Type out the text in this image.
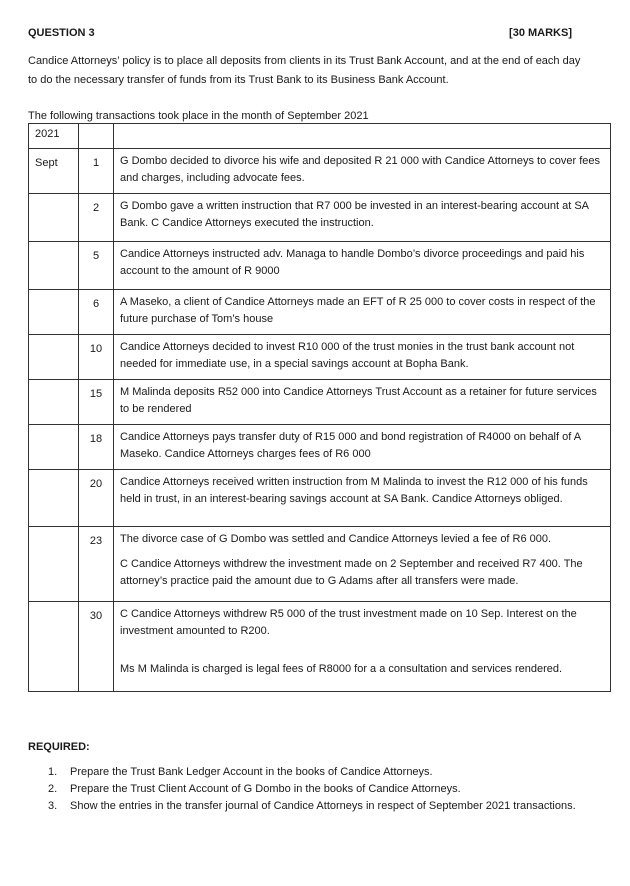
QUESTION 3	[30 MARKS]
Candice Attorneys’ policy is to place all deposits from clients in its Trust Bank Account, and at the end of each day to do the necessary transfer of funds from its Trust Bank to its Business Bank Account.
The following transactions took place in the month of September 2021
2021		
Sept	1	G Dombo decided to divorce his wife and deposited R 21 000 with Candice Attorneys to cover fees and charges, including advocate fees.

	2	G Dombo gave a written instruction that R7 000 be invested in an interest-bearing account at SA Bank. C Candice Attorneys executed the instruction.

	5	Candice Attorneys instructed adv. Managa to handle Dombo’s divorce proceedings and paid his account to the amount of R 9000

	6	A Maseko, a client of Candice Attorneys made an EFT of R 25 000 to cover costs in respect of the future purchase of Tom’s house

	10	Candice Attorneys decided to invest R10 000 of the trust monies in the trust bank account not needed for immediate use, in a special savings account at Bopha Bank.

	15	M Malinda deposits R52 000 into Candice Attorneys Trust Account as a retainer for future services to be rendered

	18	Candice Attorneys pays transfer duty of R15 000 and bond registration of R4000 on behalf of A Maseko. Candice Attorneys charges fees of R6 000

	20	Candice Attorneys received written instruction from M Malinda to invest the R12 000 of his funds held in trust, in an interest-bearing savings account at SA Bank. Candice Attorneys obliged.

	23	The divorce case of G Dombo was settled and Candice Attorneys levied a fee of R6 000.

C Candice Attorneys withdrew the investment made on 2 September and received R7 400. The attorney’s practice paid the amount due to G Adams after all transfers were made.

	30	C Candice Attorneys withdrew R5 000 of the trust investment made on 10 Sep. Interest on the investment amounted to R200.

Ms M Malinda is charged is legal fees of R8000 for a a consultation and services rendered.

REQUIRED:
1. Prepare the Trust Bank Ledger Account in the books of Candice Attorneys.
2. Prepare the Trust Client Account of G Dombo in the books of Candice Attorneys.
3. Show the entries in the transfer journal of Candice Attorneys in respect of September 2021 transactions.
